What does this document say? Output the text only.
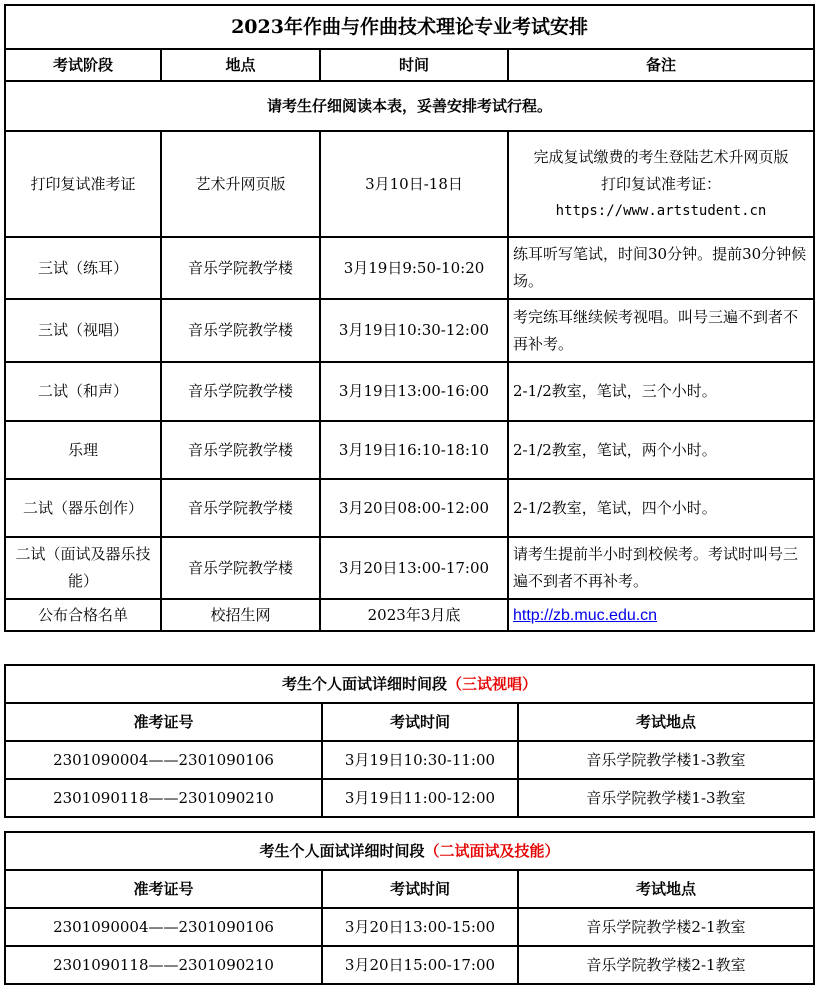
2023年作曲与作曲技术理论专业考试安排			
考试阶段	地点	时间	备注
请考生仔细阅读本表，妥善安排考试行程。			
打印复试准考证	艺术升网页版	3月10日-18日	完成复试缴费的考生登陆艺术升网页版
打印复试准考证：
https://www.artstudent.cn

三试（练耳）	音乐学院教学楼	3月19日9:50-10:20	练耳听写笔试，时间30分钟。提前30分钟候场。
三试（视唱）	音乐学院教学楼	3月19日10:30-12:00	考完练耳继续候考视唱。叫号三遍不到者不再补考。
二试（和声）	音乐学院教学楼	3月19日13:00-16:00	2-1/2教室，笔试，三个小时。
乐理	音乐学院教学楼	3月19日16:10-18:10	2-1/2教室，笔试，两个小时。
二试（器乐创作）	音乐学院教学楼	3月20日08:00-12:00	2-1/2教室，笔试，四个小时。
二试（面试及器乐技能）	音乐学院教学楼	3月20日13:00-17:00	请考生提前半小时到校候考。考试时叫号三遍不到者不再补考。
公布合格名单	校招生网	2023年3月底	http://zb.muc.edu.cn
考生个人面试详细时间段（三试视唱）		
准考证号	考试时间	考试地点
2301090004——2301090106	3月19日10:30-11:00	音乐学院教学楼1-3教室
2301090118——2301090210	3月19日11:00-12:00	音乐学院教学楼1-3教室
考生个人面试详细时间段（二试面试及技能）		
准考证号	考试时间	考试地点
2301090004——2301090106	3月20日13:00-15:00	音乐学院教学楼2-1教室
2301090118——2301090210	3月20日15:00-17:00	音乐学院教学楼2-1教室
